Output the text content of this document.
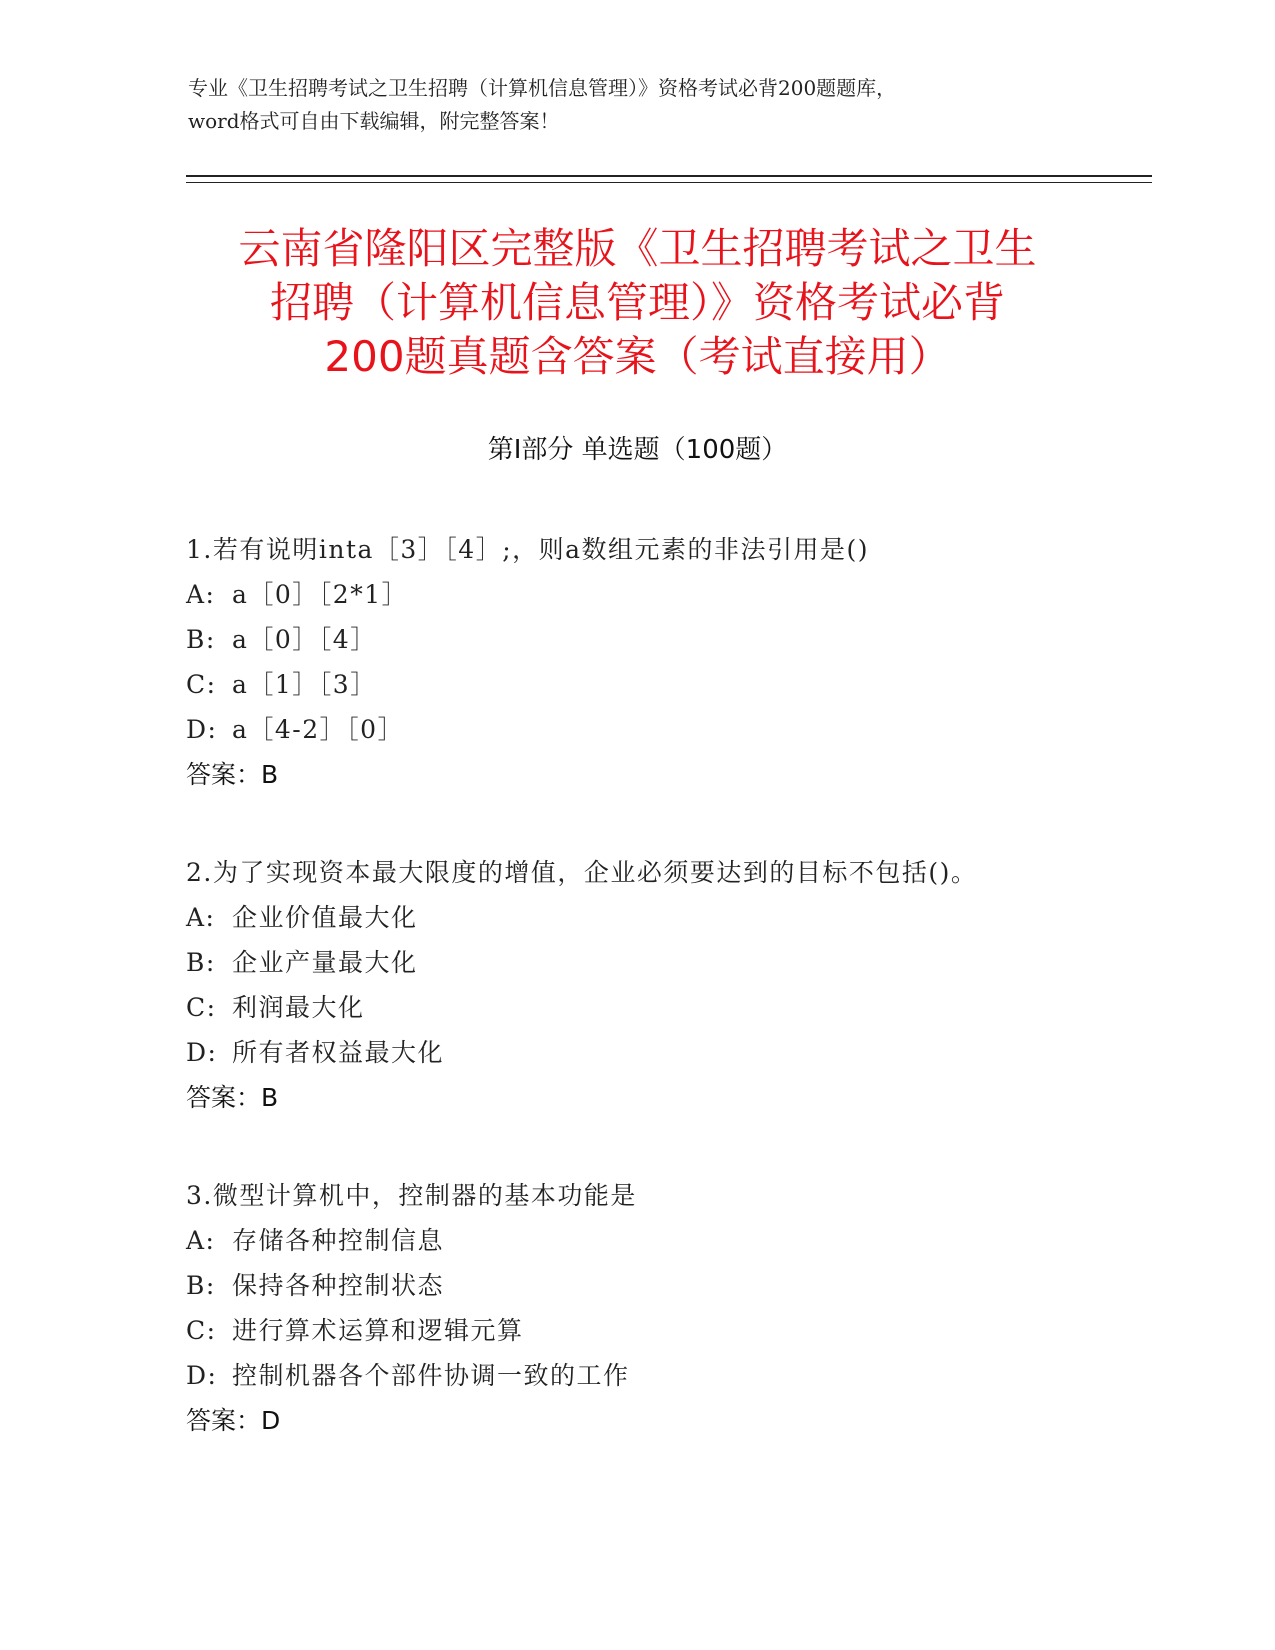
专业《卫生招聘考试之卫生招聘（计算机信息管理）》资格考试必背200题题库，
word格式可自由下载编辑，附完整答案！
云南省隆阳区完整版《卫生招聘考试之卫生
招聘（计算机信息管理）》资格考试必背
200题真题含答案（考试直接用）
第Ⅰ部分 单选题（100题）
1.若有说明inta［3］［4］;，则a数组元素的非法引用是()
A: a［0］［2*1］
B: a［0］［4］
C: a［1］［3］
D: a［4-2］［0］
答案：B
2.为了实现资本最大限度的增值，企业必须要达到的目标不包括()。
A: 企业价值最大化
B: 企业产量最大化
C: 利润最大化
D: 所有者权益最大化
答案：B
3.微型计算机中，控制器的基本功能是
A: 存储各种控制信息
B: 保持各种控制状态
C: 进行算术运算和逻辑元算
D: 控制机器各个部件协调一致的工作
答案：D
